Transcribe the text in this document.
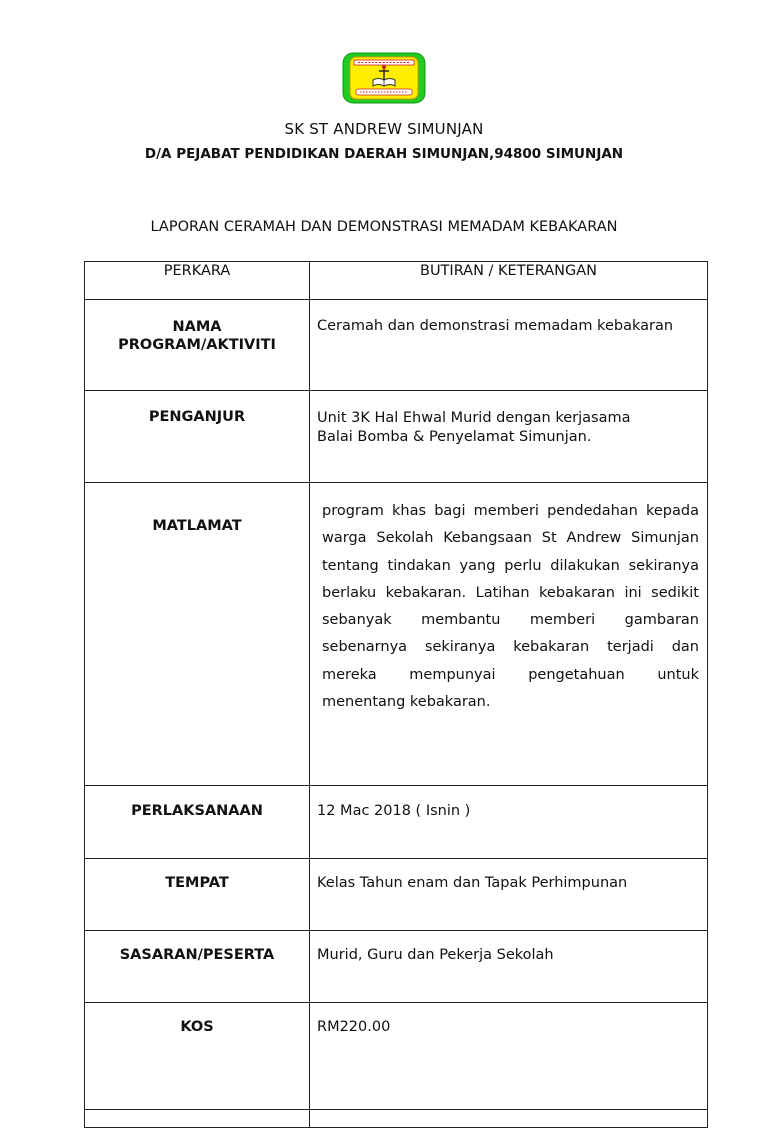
SK ST ANDREW SIMUNJAN
D/A PEJABAT PENDIDIKAN DAERAH SIMUNJAN,94800 SIMUNJAN
LAPORAN CERAMAH DAN DEMONSTRASI MEMADAM KEBAKARAN
PERKARA	BUTIRAN / KETERANGAN

NAMA
PROGRAM/AKTIVITI	Ceramah dan demonstrasi memadam kebakaran
PENGANJUR	Unit 3K Hal Ehwal Murid dengan kerjasama
Balai Bomba & Penyelamat Simunjan.

MATLAMAT	program khas bagi memberi pendedahan kepada warga Sekolah Kebangsaan St Andrew Simunjan tentang tindakan yang perlu dilakukan sekiranya berlaku kebakaran. Latihan kebakaran ini sedikit sebanyak membantu memberi gambaran sebenarnya sekiranya kebakaran terjadi dan mereka mempunyai pengetahuan untuk menentang kebakaran.

PERLAKSANAAN	12 Mac 2018 ( Isnin )
TEMPAT	Kelas Tahun enam dan Tapak Perhimpunan
SASARAN/PESERTA	Murid, Guru dan Pekerja Sekolah
KOS	RM220.00
